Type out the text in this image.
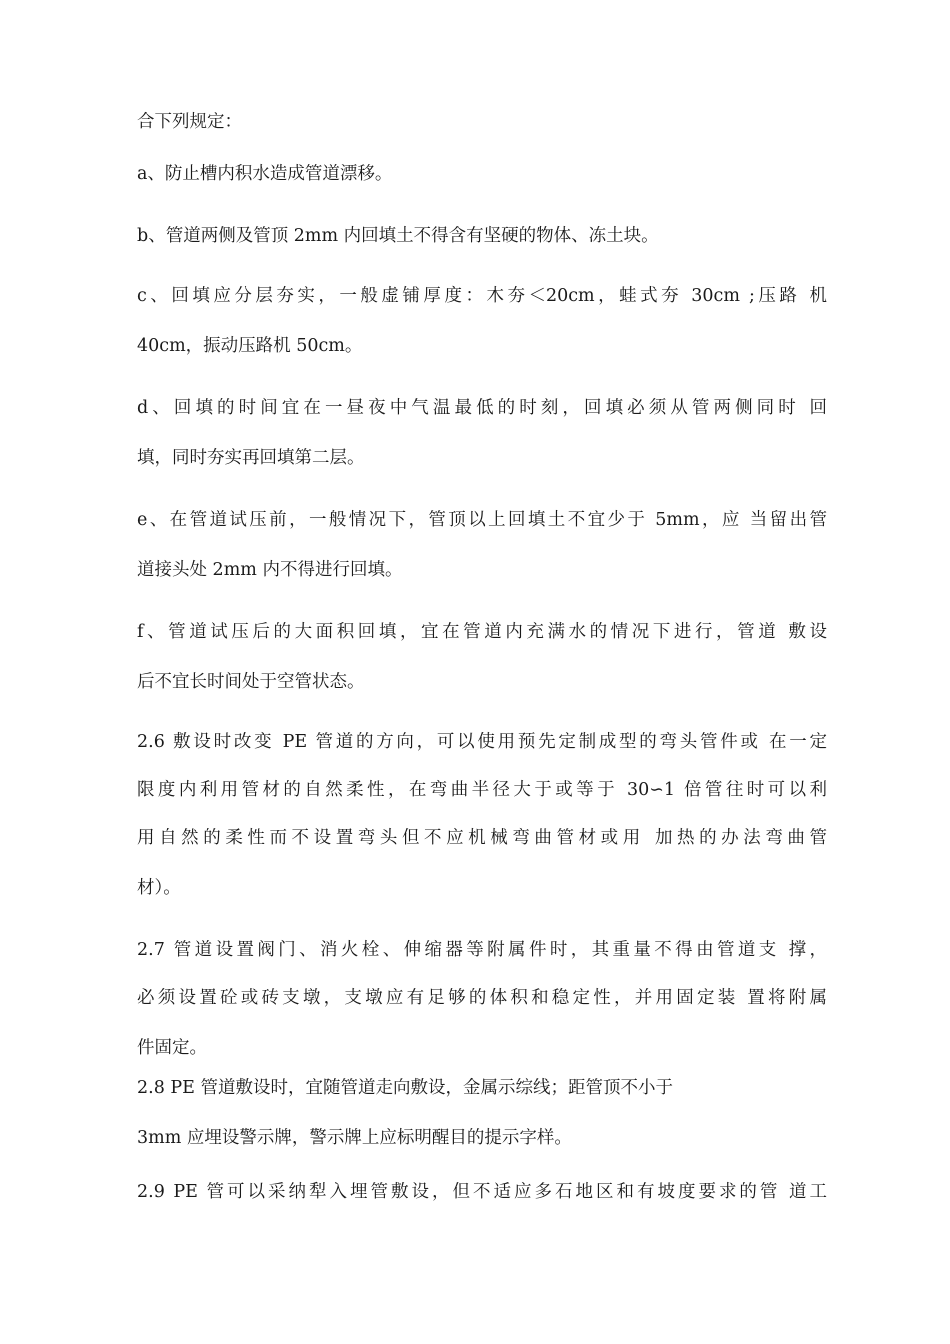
合下列规定：
a、防止槽内积水造成管道漂移。
b、管道两侧及管顶 2mm 内回填土不得含有坚硬的物体、冻土块。
c、回填应分层夯实，一般虚铺厚度：木夯＜20cm，蛙式夯 30cm ;压路 机
40cm，振动压路机 50cm。
d、回填的时间宜在一昼夜中气温最低的时刻，回填必须从管两侧同时 回
填，同时夯实再回填第二层。
e、在管道试压前，一般情况下，管顶以上回填土不宜少于 5mm，应 当留出管
道接头处 2mm 内不得进行回填。
f、管道试压后的大面积回填，宜在管道内充满水的情况下进行，管道 敷设
后不宜长时间处于空管状态。
2.6 敷设时改变 PE 管道的方向，可以使用预先定制成型的弯头管件或 在一定
限度内利用管材的自然柔性，在弯曲半径大于或等于 30∽1 倍管往时可以利
用自然的柔性而不设置弯头但不应机械弯曲管材或用 加热的办法弯曲管
材）。
2.7 管道设置阀门、消火栓、伸缩器等附属件时，其重量不得由管道支 撑，
必须设置砼或砖支墩，支墩应有足够的体积和稳定性，并用固定装 置将附属
件固定。
2.8 PE 管道敷设时，宜随管道走向敷设，金属示综线；距管顶不小于
3mm 应埋设警示牌，警示牌上应标明醒目的提示字样。
2.9 PE 管可以采纳犁入埋管敷设，但不适应多石地区和有坡度要求的管 道工
